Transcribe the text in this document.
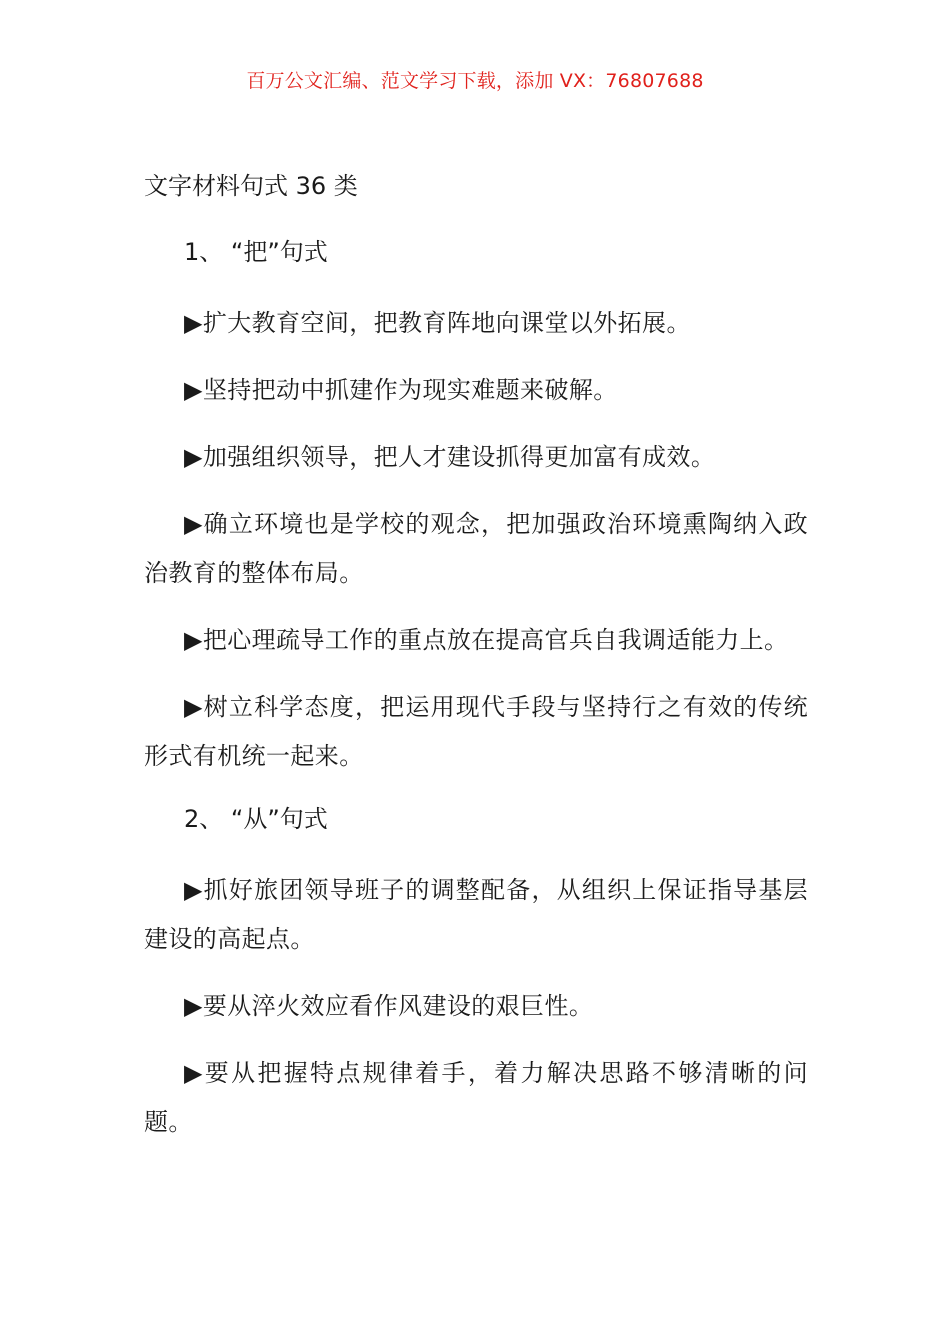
百万公文汇编、范文学习下载，添加 VX：76807688
文字材料句式 36 类
1、 “把”句式

▶扩大教育空间，把教育阵地向课堂以外拓展。

▶坚持把动中抓建作为现实难题来破解。

▶加强组织领导，把人才建设抓得更加富有成效。

▶确立环境也是学校的观念，把加强政治环境熏陶纳入政治教育的整体布局。

▶把心理疏导工作的重点放在提高官兵自我调适能力上。

▶树立科学态度，把运用现代手段与坚持行之有效的传统形式有机统一起来。

2、 “从”句式

▶抓好旅团领导班子的调整配备，从组织上保证指导基层建设的高起点。

▶要从淬火效应看作风建设的艰巨性。

▶要从把握特点规律着手，着力解决思路不够清晰的问题。
